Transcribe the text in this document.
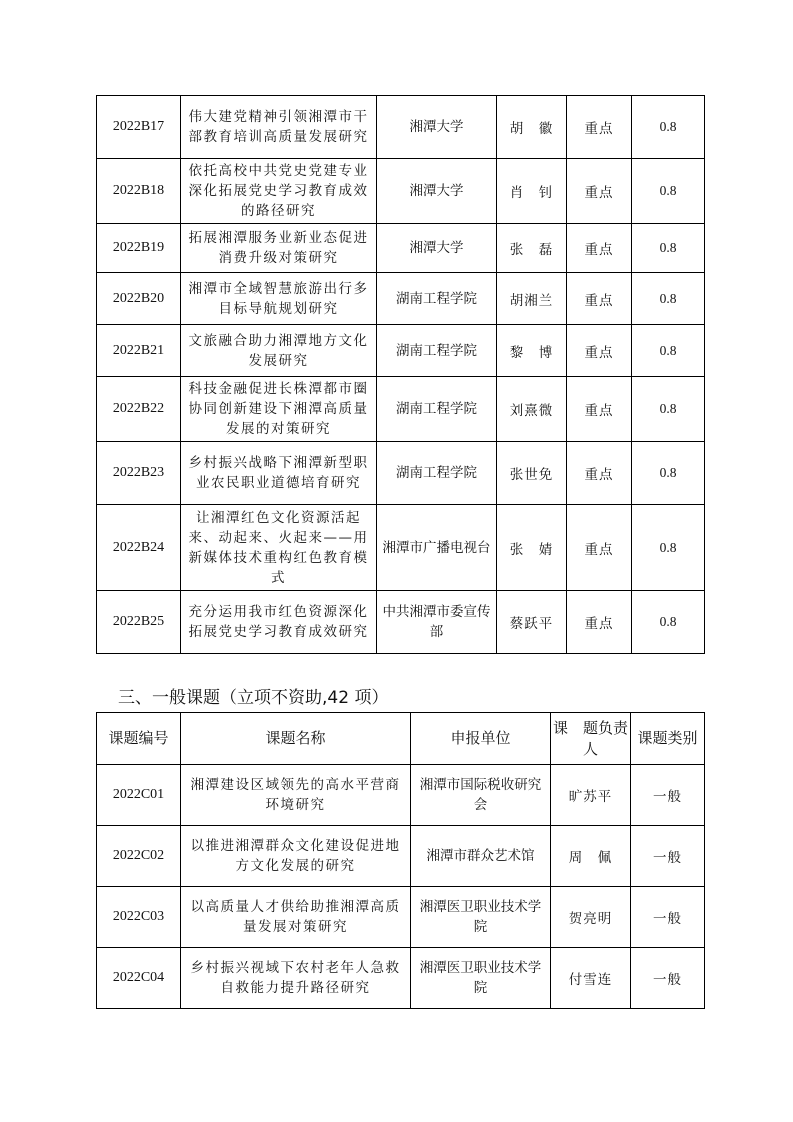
2022B17	伟大建党精神引领湘潭市干部教育培训高质量发展研究	湘潭大学	胡　徽	重点	0.8
2022B18	依托高校中共党史党建专业深化拓展党史学习教育成效的路径研究	湘潭大学	肖　钊	重点	0.8
2022B19	拓展湘潭服务业新业态促进消费升级对策研究	湘潭大学	张　磊	重点	0.8
2022B20	湘潭市全域智慧旅游出行多目标导航规划研究	湖南工程学院	胡湘兰	重点	0.8
2022B21	文旅融合助力湘潭地方文化发展研究	湖南工程学院	黎　博	重点	0.8
2022B22	科技金融促进长株潭都市圈协同创新建设下湘潭高质量发展的对策研究	湖南工程学院	刘熹微	重点	0.8
2022B23	乡村振兴战略下湘潭新型职业农民职业道德培育研究	湖南工程学院	张世免	重点	0.8
2022B24	让湘潭红色文化资源活起来、动起来、火起来——用新媒体技术重构红色教育模式	湘潭市广播电视台	张　婧	重点	0.8
2022B25	充分运用我市红色资源深化拓展党史学习教育成效研究	中共湘潭市委宣传部	蔡跃平	重点	0.8
三、一般课题（立项不资助,42 项）
课题编号	课题名称	申报单位	课　题负责人	课题类别
2022C01	湘潭建设区域领先的高水平营商环境研究	湘潭市国际税收研究会	旷苏平	一般
2022C02	以推进湘潭群众文化建设促进地方文化发展的研究	湘潭市群众艺术馆	周　佩	一般
2022C03	以高质量人才供给助推湘潭高质量发展对策研究	湘潭医卫职业技术学院	贺亮明	一般
2022C04	乡村振兴视域下农村老年人急救自救能力提升路径研究	湘潭医卫职业技术学院	付雪连	一般
